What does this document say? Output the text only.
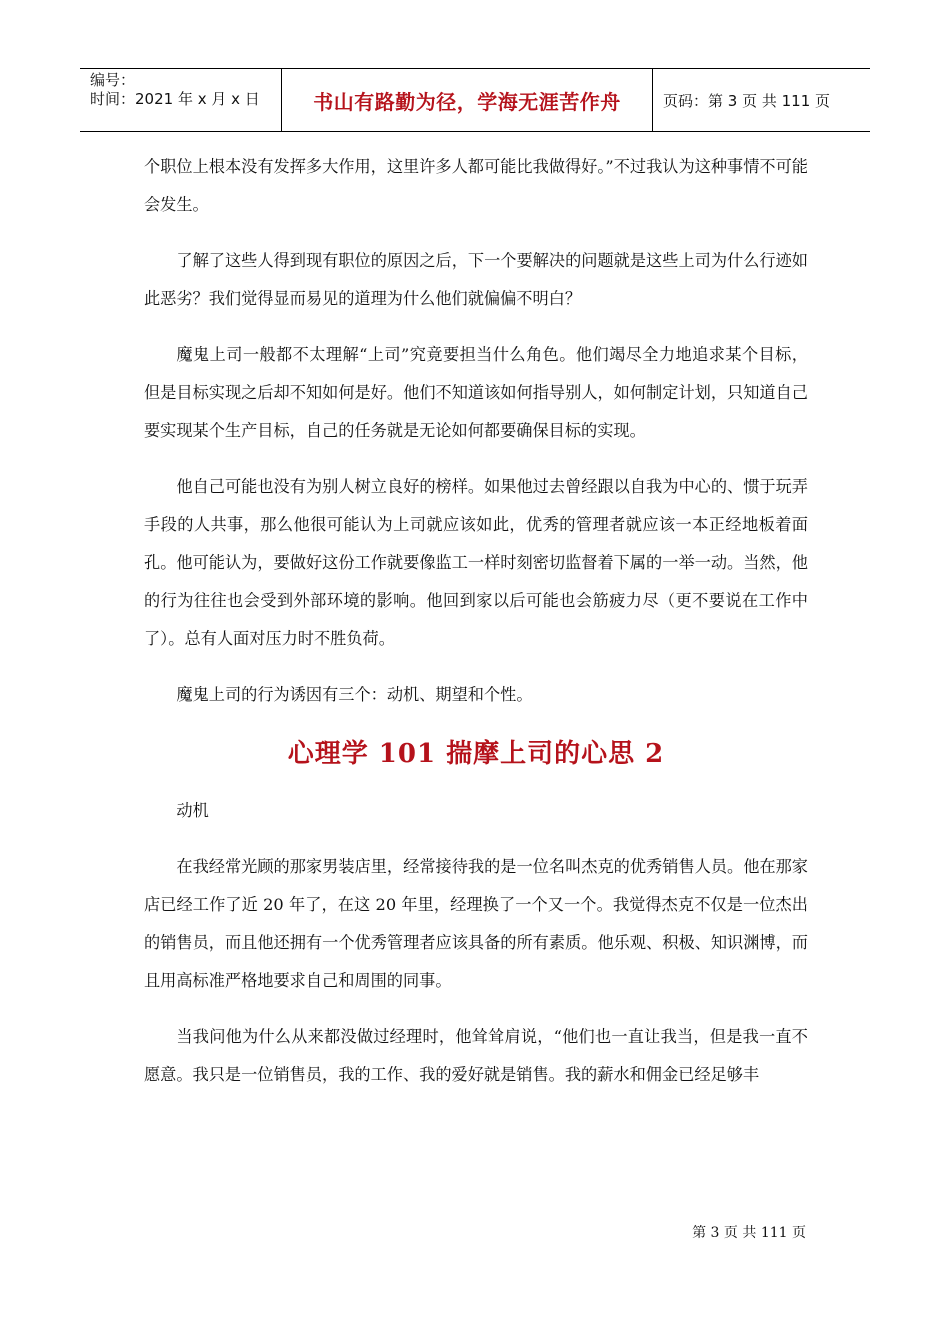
编号：
时间：2021 年 x 月 x 日	书山有路勤为径，学海无涯苦作舟	页码：第 3 页 共 111 页

个职位上根本没有发挥多大作用，这里许多人都可能比我做得好。”不过我认为这种事情不可能会发生。

了解了这些人得到现有职位的原因之后，下一个要解决的问题就是这些上司为什么行迹如此恶劣？我们觉得显而易见的道理为什么他们就偏偏不明白？

魔鬼上司一般都不太理解“上司”究竟要担当什么角色。他们竭尽全力地追求某个目标，但是目标实现之后却不知如何是好。他们不知道该如何指导别人，如何制定计划，只知道自己要实现某个生产目标，自己的任务就是无论如何都要确保目标的实现。

他自己可能也没有为别人树立良好的榜样。如果他过去曾经跟以自我为中心的、惯于玩弄手段的人共事，那么他很可能认为上司就应该如此，优秀的管理者就应该一本正经地板着面孔。他可能认为，要做好这份工作就要像监工一样时刻密切监督着下属的一举一动。当然，他的行为往往也会受到外部环境的影响。他回到家以后可能也会筋疲力尽（更不要说在工作中了）。总有人面对压力时不胜负荷。

魔鬼上司的行为诱因有三个：动机、期望和个性。

心理学 101 揣摩上司的心思 2

动机

在我经常光顾的那家男装店里，经常接待我的是一位名叫杰克的优秀销售人员。他在那家店已经工作了近 20 年了，在这 20 年里，经理换了一个又一个。我觉得杰克不仅是一位杰出的销售员，而且他还拥有一个优秀管理者应该具备的所有素质。他乐观、积极、知识渊博，而且用高标准严格地要求自己和周围的同事。

当我问他为什么从来都没做过经理时，他耸耸肩说，“他们也一直让我当，但是我一直不愿意。我只是一位销售员，我的工作、我的爱好就是销售。我的薪水和佣金已经足够丰

第 3 页 共 111 页
